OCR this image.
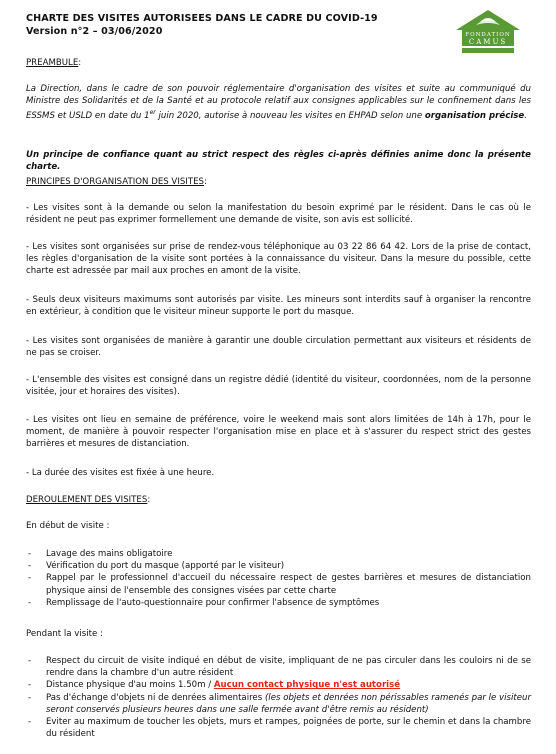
CHARTE DES VISITES AUTORISEES DANS LE CADRE DU COVID-19
Version n°2 – 03/06/2020	FONDATION
CAMUS
PREAMBULE:
La Direction, dans le cadre de son pouvoir réglementaire d'organisation des visites et suite au communiqué du Ministre des Solidarités et de la Santé et au protocole relatif aux consignes applicables sur le confinement dans les ESSMS et USLD en date du 1er juin 2020, autorise à nouveau les visites en EHPAD selon une organisation précise.
Un principe de confiance quant au strict respect des règles ci-après définies anime donc la présente charte.
PRINCIPES D'ORGANISATION DES VISITES:
- Les visites sont à la demande ou selon la manifestation du besoin exprimé par le résident. Dans le cas où le résident ne peut pas exprimer formellement une demande de visite, son avis est sollicité.
- Les visites sont organisées sur prise de rendez-vous téléphonique au 03 22 86 64 42. Lors de la prise de contact, les règles d'organisation de la visite sont portées à la connaissance du visiteur. Dans la mesure du possible, cette charte est adressée par mail aux proches en amont de la visite.
- Seuls deux visiteurs maximums sont autorisés par visite. Les mineurs sont interdits sauf à organiser la rencontre en extérieur, à condition que le visiteur mineur supporte le port du masque.
- Les visites sont organisées de manière à garantir une double circulation permettant aux visiteurs et résidents de ne pas se croiser.
- L'ensemble des visites est consigné dans un registre dédié (identité du visiteur, coordonnées, nom de la personne visitée, jour et horaires des visites).
- Les visites ont lieu en semaine de préférence, voire le weekend mais sont alors limitées de 14h à 17h, pour le moment, de manière à pouvoir respecter l'organisation mise en place et à s'assurer du respect strict des gestes barrières et mesures de distanciation.
- La durée des visites est fixée à une heure.
DEROULEMENT DES VISITES:
En début de visite :
- Lavage des mains obligatoire
- Vérification du port du masque (apporté par le visiteur)
- Rappel par le professionnel d'accueil du nécessaire respect de gestes barrières et mesures de distanciation physique ainsi de l'ensemble des consignes visées par cette charte
- Remplissage de l'auto-questionnaire pour confirmer l'absence de symptômes
Pendant la visite :
- Respect du circuit de visite indiqué en début de visite, impliquant de ne pas circuler dans les couloirs ni de se rendre dans la chambre d'un autre résident
- Distance physique d'au moins 1.50m / Aucun contact physique n'est autorisé
- Pas d'échange d'objets ni de denrées alimentaires (les objets et denrées non périssables ramenés par le visiteur seront conservés plusieurs heures dans une salle fermée avant d'être remis au résident)
- Eviter au maximum de toucher les objets, murs et rampes, poignées de porte, sur le chemin et dans la chambre du résident
